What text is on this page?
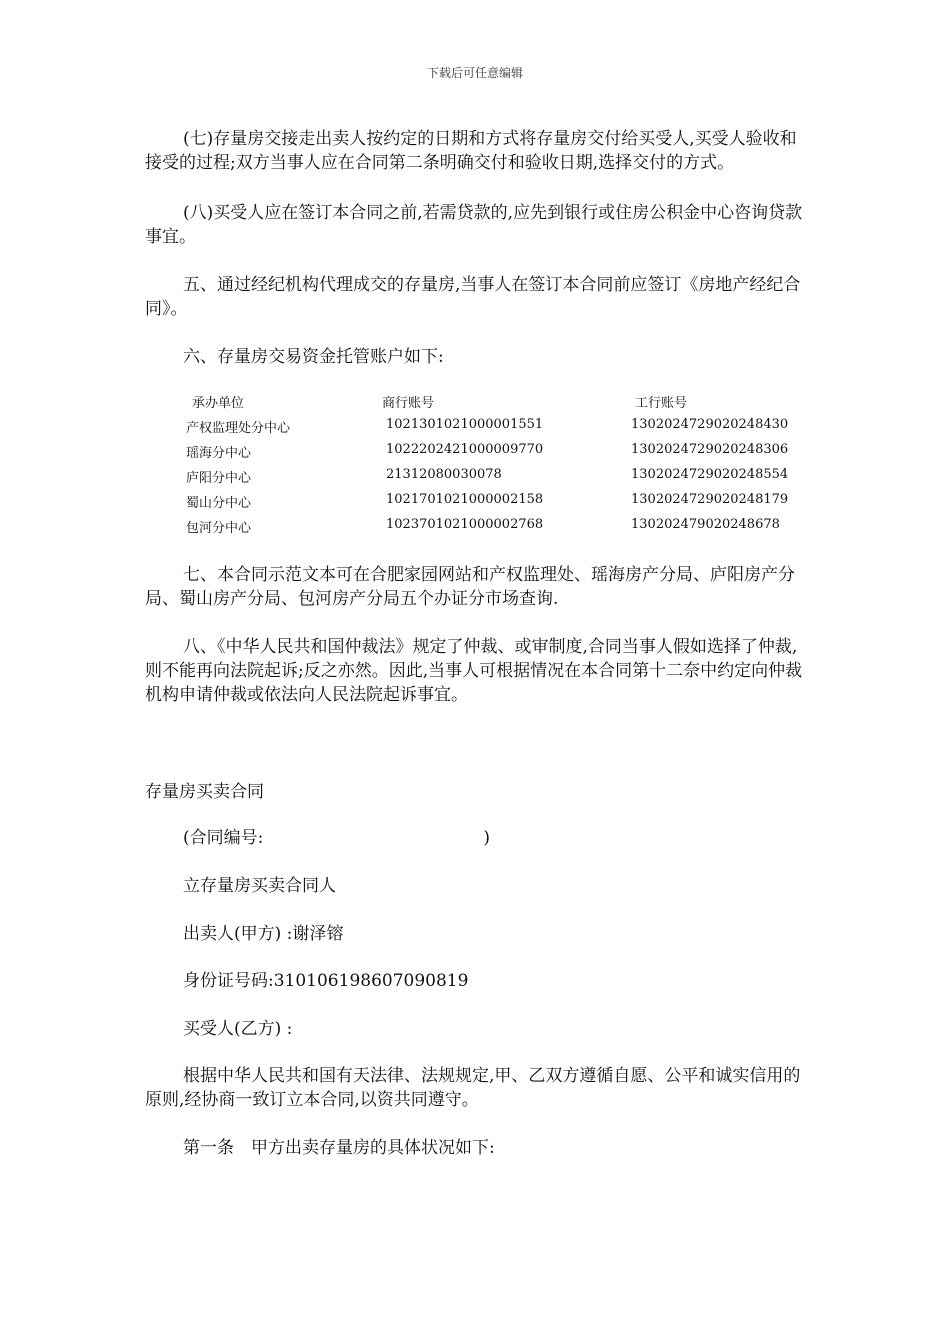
下载后可任意编辑

(七)存量房交接走出卖人按约定的日期和方式将存量房交付给买受人,买受人验收和接受的过程;双方当事人应在合同第二条明确交付和验收日期,选择交付的方式。

(八)买受人应在签订本合同之前,若需贷款的,应先到银行或住房公积金中心咨询贷款事宜。

五、通过经纪机构代理成交的存量房,当事人在签订本合同前应签订《房地产经纪合同》。

六、存量房交易资金托管账户如下:

承办单位	商行账号	工行账号
产权监理处分中心	1021301021000001551	1302024729020248430
瑶海分中心	1022202421000009770	1302024729020248306
庐阳分中心	21312080030078	1302024729020248554
蜀山分中心	1021701021000002158	1302024729020248179
包河分中心	1023701021000002768	130202479020248678

七、本合同示范文本可在合肥家园网站和产权监理处、瑶海房产分局、庐阳房产分局、蜀山房产分局、包河房产分局五个办证分市场查询.

八、《中华人民共和国仲裁法》规定了仲裁、或审制度,合同当事人假如选择了仲裁,则不能再向法院起诉;反之亦然。因此,当事人可根据情况在本合同第十二奈中约定向仲裁机构申请仲裁或依法向人民法院起诉事宜。

存量房买卖合同
(合同编号:	)
立存量房买卖合同人
出卖人(甲方) :谢泽镕
身份证号码:310106198607090819
买受人(乙方) :

根据中华人民共和国有天法律、法规规定,甲、乙双方遵循自愿、公平和诚实信用的原则,经协商一致订立本合同,以资共同遵守。

第一条　甲方出卖存量房的具体状况如下:
